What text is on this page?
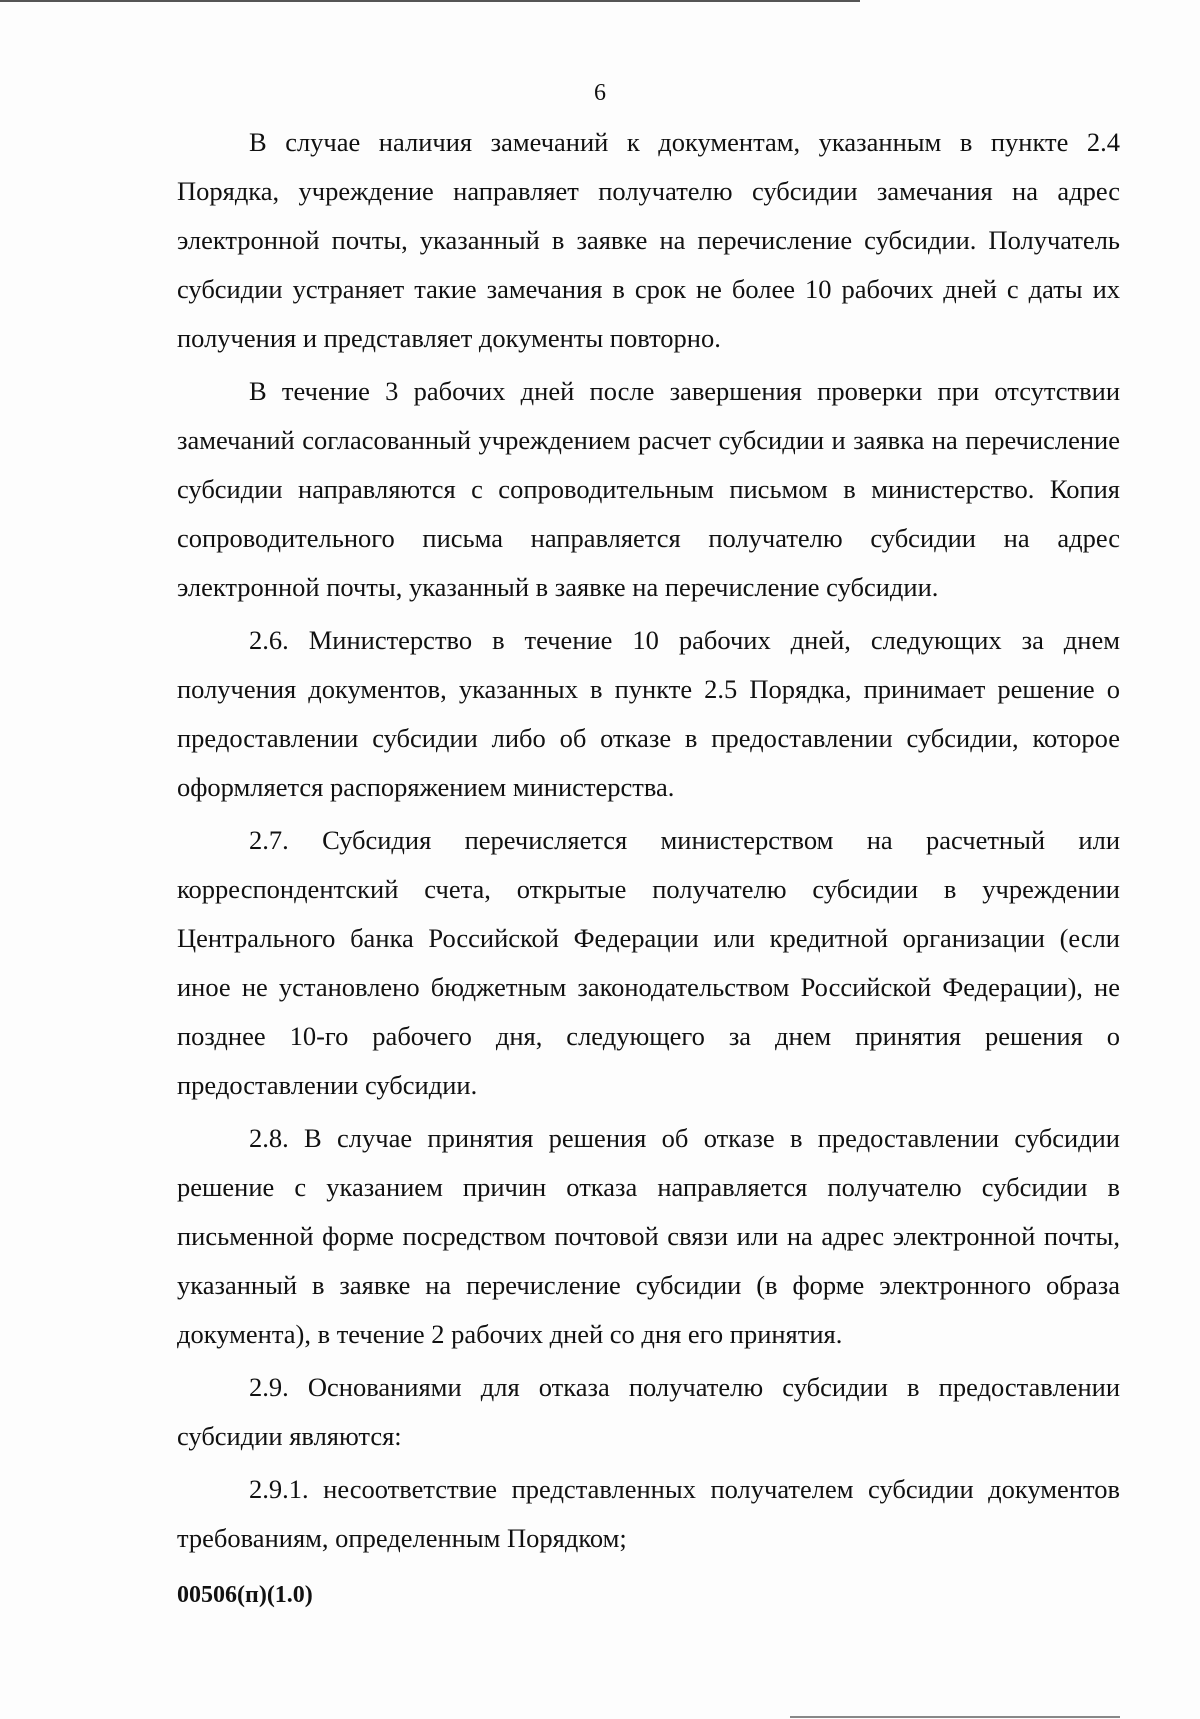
6

В случае наличия замечаний к документам, указанным в пункте 2.4 Порядка, учреждение направляет получателю субсидии замечания на адрес электронной почты, указанный в заявке на перечисление субсидии. Получатель субсидии устраняет такие замечания в срок не более 10 рабочих дней с даты их получения и представляет документы повторно.

В течение 3 рабочих дней после завершения проверки при отсутствии замечаний согласованный учреждением расчет субсидии и заявка на перечисление субсидии направляются с сопроводительным письмом в министерство. Копия сопроводительного письма направляется получателю субсидии на адрес электронной почты, указанный в заявке на перечисление субсидии.

2.6. Министерство в течение 10 рабочих дней, следующих за днем получения документов, указанных в пункте 2.5 Порядка, принимает решение о предоставлении субсидии либо об отказе в предоставлении субсидии, которое оформляется распоряжением министерства.

2.7. Субсидия перечисляется министерством на расчетный или корреспондентский счета, открытые получателю субсидии в учреждении Центрального банка Российской Федерации или кредитной организации (если иное не установлено бюджетным законодательством Российской Федерации), не позднее 10-го рабочего дня, следующего за днем принятия решения о предоставлении субсидии.

2.8. В случае принятия решения об отказе в предоставлении субсидии решение с указанием причин отказа направляется получателю субсидии в письменной форме посредством почтовой связи или на адрес электронной почты, указанный в заявке на перечисление субсидии (в форме электронного образа документа), в течение 2 рабочих дней со дня его принятия.

2.9. Основаниями для отказа получателю субсидии в предоставлении субсидии являются:

2.9.1. несоответствие представленных получателем субсидии документов требованиям, определенным Порядком;

00506(п)(1.0)
